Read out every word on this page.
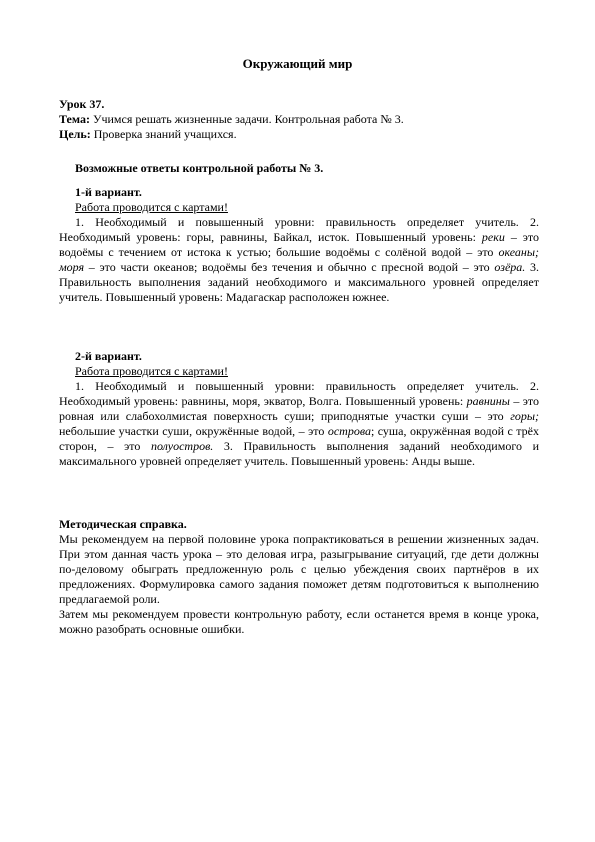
Окружающий мир

Урок 37.

Тема: Учимся решать жизненные задачи. Контрольная работа № 3.

Цель: Проверка знаний учащихся.

Возможные ответы контрольной работы № 3.

1-й вариант.

Работа проводится с картами!

1. Необходимый и повышенный уровни: правильность определяет учитель. 2. Необходимый уровень: горы, равнины, Байкал, исток. Повышенный уровень: реки – это водоёмы с течением от истока к устью; большие водоёмы с солёной водой – это океаны; моря – это части океанов; водоёмы без течения и обычно с пресной водой – это озёра. 3. Правильность выполнения заданий необходимого и максимального уровней определяет учитель. Повышенный уровень: Мадагаскар расположен южнее.

2-й вариант.

Работа проводится с картами!

1. Необходимый и повышенный уровни: правильность определяет учитель. 2. Необходимый уровень: равнины, моря, экватор, Волга. Повышенный уровень: равнины – это ровная или слабохолмистая поверхность суши; приподнятые участки суши – это горы; небольшие участки суши, окружённые водой, – это острова; суша, окружённая водой с трёх сторон, – это полуостров. 3. Правильность выполнения заданий необходимого и максимального уровней определяет учитель. Повышенный уровень: Анды выше.

Методическая справка.

Мы рекомендуем на первой половине урока попрактиковаться в решении жизненных задач. При этом данная часть урока – это деловая игра, разыгрывание ситуаций, где дети должны по-деловому обыграть предложенную роль с целью убеждения своих партнёров в их предложениях. Формулировка самого задания поможет детям подготовиться к выполнению предлагаемой роли.

Затем мы рекомендуем провести контрольную работу, если останется время в конце урока, можно разобрать основные ошибки.
